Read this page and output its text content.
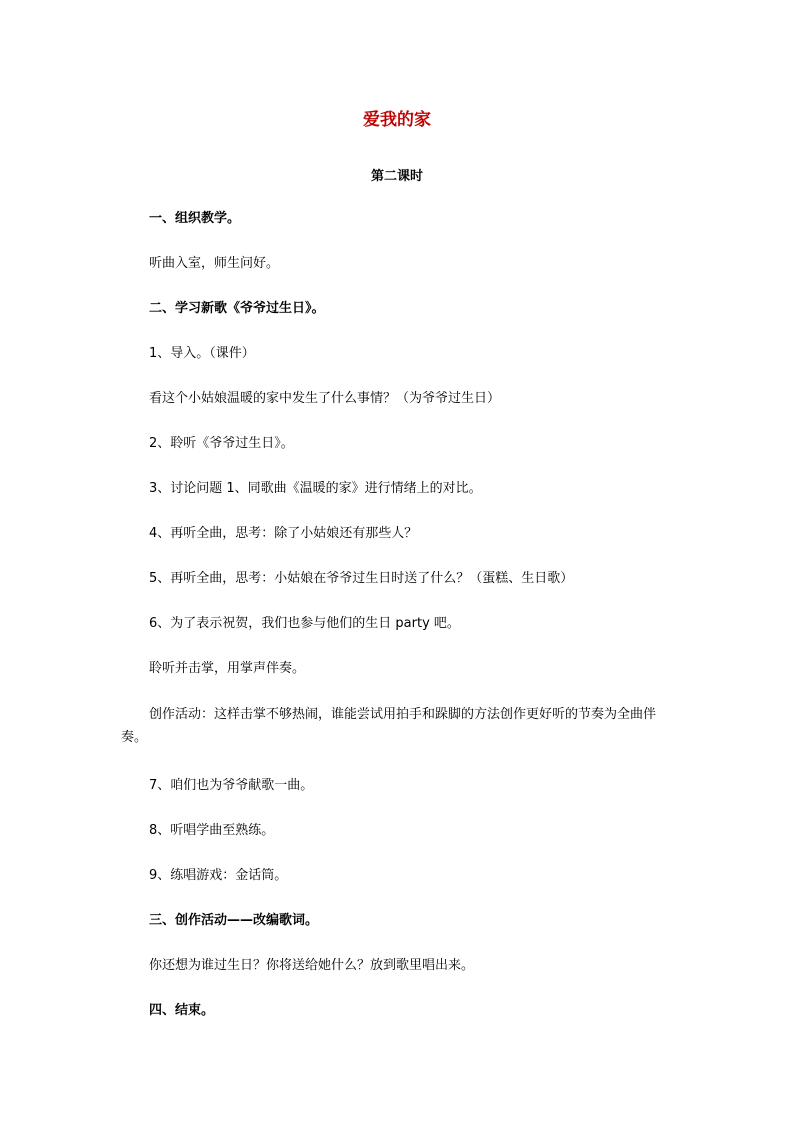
爱我的家
第二课时
一、组织教学。
听曲入室，师生问好。
二、学习新歌《爷爷过生日》。
1、导入。（课件）
看这个小姑娘温暖的家中发生了什么事情？（为爷爷过生日）
2、聆听《爷爷过生日》。
3、讨论问题 1、同歌曲《温暖的家》进行情绪上的对比。
4、再听全曲，思考：除了小姑娘还有那些人？
5、再听全曲，思考：小姑娘在爷爷过生日时送了什么？（蛋糕、生日歌）
6、为了表示祝贺，我们也参与他们的生日 party 吧。
聆听并击掌，用掌声伴奏。
创作活动：这样击掌不够热闹，谁能尝试用拍手和跺脚的方法创作更好听的节奏为全曲伴奏。
7、咱们也为爷爷献歌一曲。
8、听唱学曲至熟练。
9、练唱游戏：金话筒。
三、创作活动——改编歌词。
你还想为谁过生日？你将送给她什么？放到歌里唱出来。
四、结束。
